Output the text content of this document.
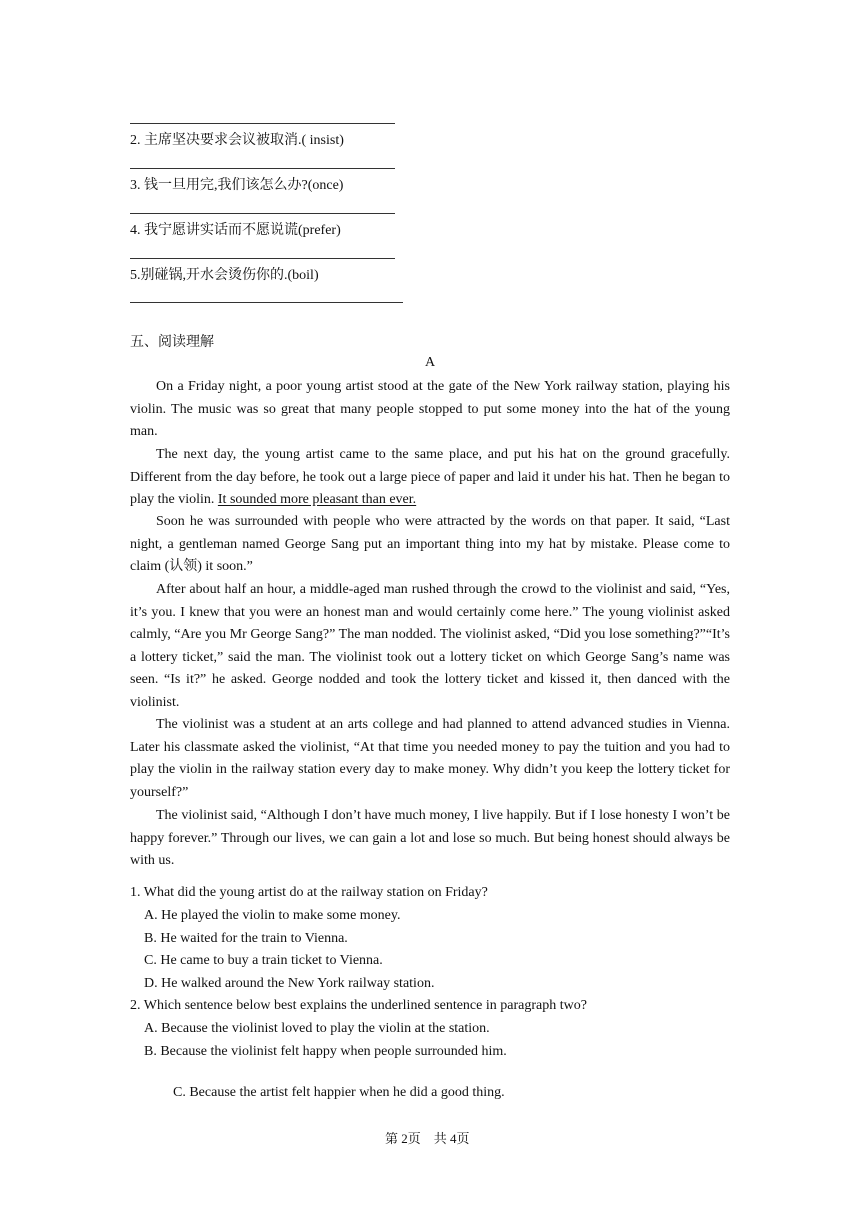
2. 主席坚决要求会议被取消.( insist)
3. 钱一旦用完,我们该怎么办?(once)
4. 我宁愿讲实话而不愿说谎(prefer)
5.别碰锅,开水会烫伤你的.(boil)
五、阅读理解
A

On a Friday night, a poor young artist stood at the gate of the New York railway station, playing his violin. The music was so great that many people stopped to put some money into the hat of the young man.

The next day, the young artist came to the same place, and put his hat on the ground gracefully. Different from the day before, he took out a large piece of paper and laid it under his hat. Then he began to play the violin. It sounded more pleasant than ever.

Soon he was surrounded with people who were attracted by the words on that paper. It said, “Last night, a gentleman named George Sang put an important thing into my hat by mistake. Please come to claim (认领) it soon.”

After about half an hour, a middle-aged man rushed through the crowd to the violinist and said, “Yes, it’s you. I knew that you were an honest man and would certainly come here.” The young violinist asked calmly, “Are you Mr George Sang?” The man nodded. The violinist asked, “Did you lose something?”“It’s a lottery ticket,” said the man. The violinist took out a lottery ticket on which George Sang’s name was seen. “Is it?” he asked. George nodded and took the lottery ticket and kissed it, then danced with the violinist.

The violinist was a student at an arts college and had planned to attend advanced studies in Vienna. Later his classmate asked the violinist, “At that time you needed money to pay the tuition and you had to play the violin in the railway station every day to make money. Why didn’t you keep the lottery ticket for yourself?”

The violinist said, “Although I don’t have much money, I live happily. But if I lose honesty I won’t be happy forever.” Through our lives, we can gain a lot and lose so much. But being honest should always be with us.

1. What did the young artist do at the railway station on Friday?
A. He played the violin to make some money.
B. He waited for the train to Vienna.
C. He came to buy a train ticket to Vienna.
D. He walked around the New York railway station.
2. Which sentence below best explains the underlined sentence in paragraph two?
A. Because the violinist loved to play the violin at the station.
B. Because the violinist felt happy when people surrounded him.
C. Because the artist felt happier when he did a good thing.
第 2页　共 4页
